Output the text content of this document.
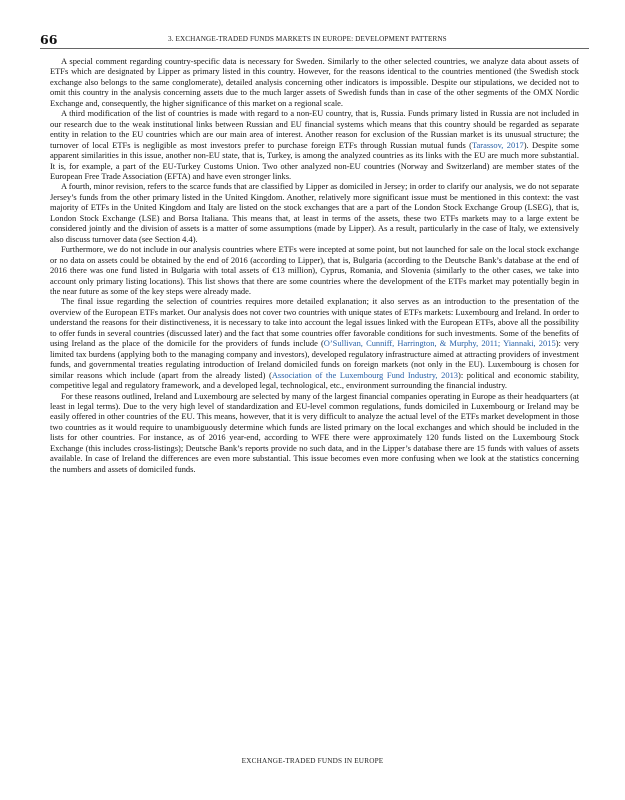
66	3. EXCHANGE-TRADED FUNDS MARKETS IN EUROPE: DEVELOPMENT PATTERNS

A special comment regarding country-specific data is necessary for Sweden. Similarly to the other selected countries, we analyze data about assets of ETFs which are designated by Lipper as primary listed in this country. However, for the reasons identical to the countries mentioned (the Swedish stock exchange also belongs to the same conglomerate), detailed analysis concerning other indicators is impossible. Despite our stipulations, we decided not to omit this country in the analysis concerning assets due to the much larger assets of Swedish funds than in case of the other segments of the OMX Nordic Exchange and, consequently, the higher significance of this market on a regional scale.

A third modification of the list of countries is made with regard to a non-EU country, that is, Russia. Funds primary listed in Russia are not included in our research due to the weak institutional links between Russian and EU financial systems which means that this country should be regarded as separate entity in relation to the EU countries which are our main area of interest. Another reason for exclusion of the Russian market is its unusual structure; the turnover of local ETFs is negligible as most investors prefer to purchase foreign ETFs through Russian mutual funds (Tarassov, 2017). Despite some apparent similarities in this issue, another non-EU state, that is, Turkey, is among the analyzed countries as its links with the EU are much more substantial. It is, for example, a part of the EU-Turkey Customs Union. Two other analyzed non-EU countries (Norway and Switzerland) are member states of the European Free Trade Association (EFTA) and have even stronger links.

A fourth, minor revision, refers to the scarce funds that are classified by Lipper as domiciled in Jersey; in order to clarify our analysis, we do not separate Jersey’s funds from the other primary listed in the United Kingdom. Another, relatively more significant issue must be mentioned in this context: the vast majority of ETFs in the United Kingdom and Italy are listed on the stock exchanges that are a part of the London Stock Exchange Group (LSEG), that is, London Stock Exchange (LSE) and Borsa Italiana. This means that, at least in terms of the assets, these two ETFs markets may to a large extent be considered jointly and the division of assets is a matter of some assumptions (made by Lipper). As a result, particularly in the case of Italy, we extensively also discuss turnover data (see Section 4.4).

Furthermore, we do not include in our analysis countries where ETFs were incepted at some point, but not launched for sale on the local stock exchange or no data on assets could be obtained by the end of 2016 (according to Lipper), that is, Bulgaria (according to the Deutsche Bank’s database at the end of 2016 there was one fund listed in Bulgaria with total assets of €13 million), Cyprus, Romania, and Slovenia (similarly to the other cases, we take into account only primary listing locations). This list shows that there are some countries where the development of the ETFs market may potentially begin in the near future as some of the key steps were already made.

The final issue regarding the selection of countries requires more detailed explanation; it also serves as an introduction to the presentation of the overview of the European ETFs market. Our analysis does not cover two countries with unique states of ETFs markets: Luxembourg and Ireland. In order to understand the reasons for their distinctiveness, it is necessary to take into account the legal issues linked with the European ETFs, above all the possibility to offer funds in several countries (discussed later) and the fact that some countries offer favorable conditions for such investments. Some of the benefits of using Ireland as the place of the domicile for the providers of funds include (O’Sullivan, Cunniff, Harrington, & Murphy, 2011; Yiannaki, 2015): very limited tax burdens (applying both to the managing company and investors), developed regulatory infrastructure aimed at attracting providers of investment funds, and governmental treaties regulating introduction of Ireland domiciled funds on foreign markets (not only in the EU). Luxembourg is chosen for similar reasons which include (apart from the already listed) (Association of the Luxembourg Fund Industry, 2013): political and economic stability, competitive legal and regulatory framework, and a developed legal, technological, etc., environment surrounding the financial industry.

For these reasons outlined, Ireland and Luxembourg are selected by many of the largest financial companies operating in Europe as their headquarters (at least in legal terms). Due to the very high level of standardization and EU-level common regulations, funds domiciled in Luxembourg or Ireland may be easily offered in other countries of the EU. This means, however, that it is very difficult to analyze the actual level of the ETFs market development in those two countries as it would require to unambiguously determine which funds are listed primary on the local exchanges and which should be included in the lists for other countries. For instance, as of 2016 year-end, according to WFE there were approximately 120 funds listed on the Luxembourg Stock Exchange (this includes cross-listings); Deutsche Bank’s reports provide no such data, and in the Lipper’s database there are 15 funds with values of assets available. In case of Ireland the differences are even more substantial. This issue becomes even more confusing when we look at the statistics concerning the numbers and assets of domiciled funds.

EXCHANGE-TRADED FUNDS IN EUROPE
